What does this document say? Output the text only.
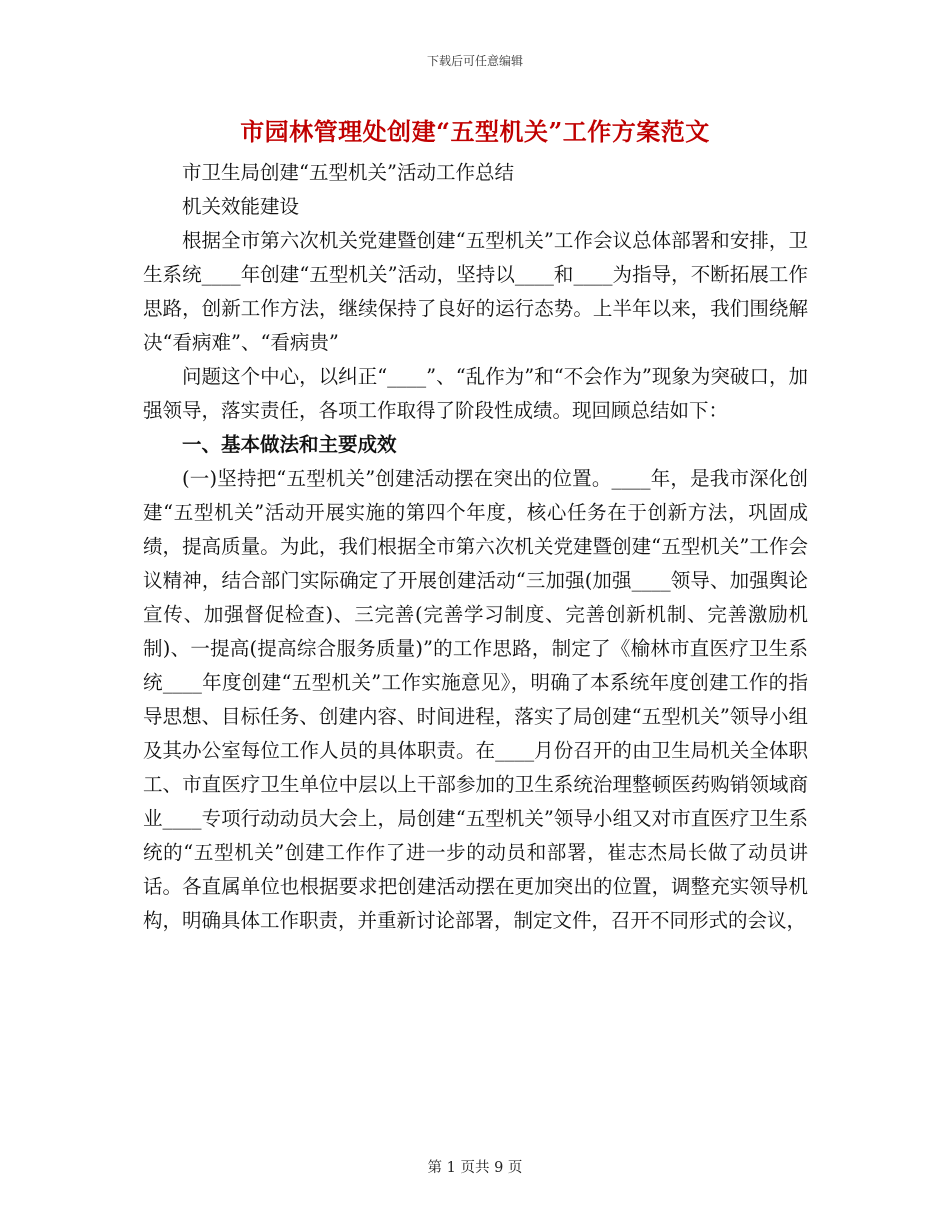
下载后可任意编辑
市园林管理处创建“五型机关”工作方案范文

市卫生局创建“五型机关”活动工作总结

机关效能建设

根据全市第六次机关党建暨创建“五型机关”工作会议总体部署和安排，卫生系统____年创建“五型机关”活动，坚持以____和____为指导，不断拓展工作思路，创新工作方法，继续保持了良好的运行态势。上半年以来，我们围绕解决“看病难”、“看病贵”

问题这个中心，以纠正“____”、“乱作为”和“不会作为”现象为突破口，加强领导，落实责任，各项工作取得了阶段性成绩。现回顾总结如下：

一、基本做法和主要成效

(一)坚持把“五型机关”创建活动摆在突出的位置。____年，是我市深化创建“五型机关”活动开展实施的第四个年度，核心任务在于创新方法，巩固成绩，提高质量。为此，我们根据全市第六次机关党建暨创建“五型机关”工作会议精神，结合部门实际确定了开展创建活动“三加强(加强____领导、加强舆论宣传、加强督促检查)、三完善(完善学习制度、完善创新机制、完善激励机制)、一提高(提高综合服务质量)”的工作思路，制定了《榆林市直医疗卫生系统____年度创建“五型机关”工作实施意见》，明确了本系统年度创建工作的指导思想、目标任务、创建内容、时间进程，落实了局创建“五型机关”领导小组及其办公室每位工作人员的具体职责。在____月份召开的由卫生局机关全体职工、市直医疗卫生单位中层以上干部参加的卫生系统治理整顿医药购销领域商业____专项行动动员大会上，局创建“五型机关”领导小组又对市直医疗卫生系统的“五型机关”创建工作作了进一步的动员和部署，崔志杰局长做了动员讲话。各直属单位也根据要求把创建活动摆在更加突出的位置，调整充实领导机构，明确具体工作职责，并重新讨论部署，制定文件，召开不同形式的会议，

第 1 页共 9 页
